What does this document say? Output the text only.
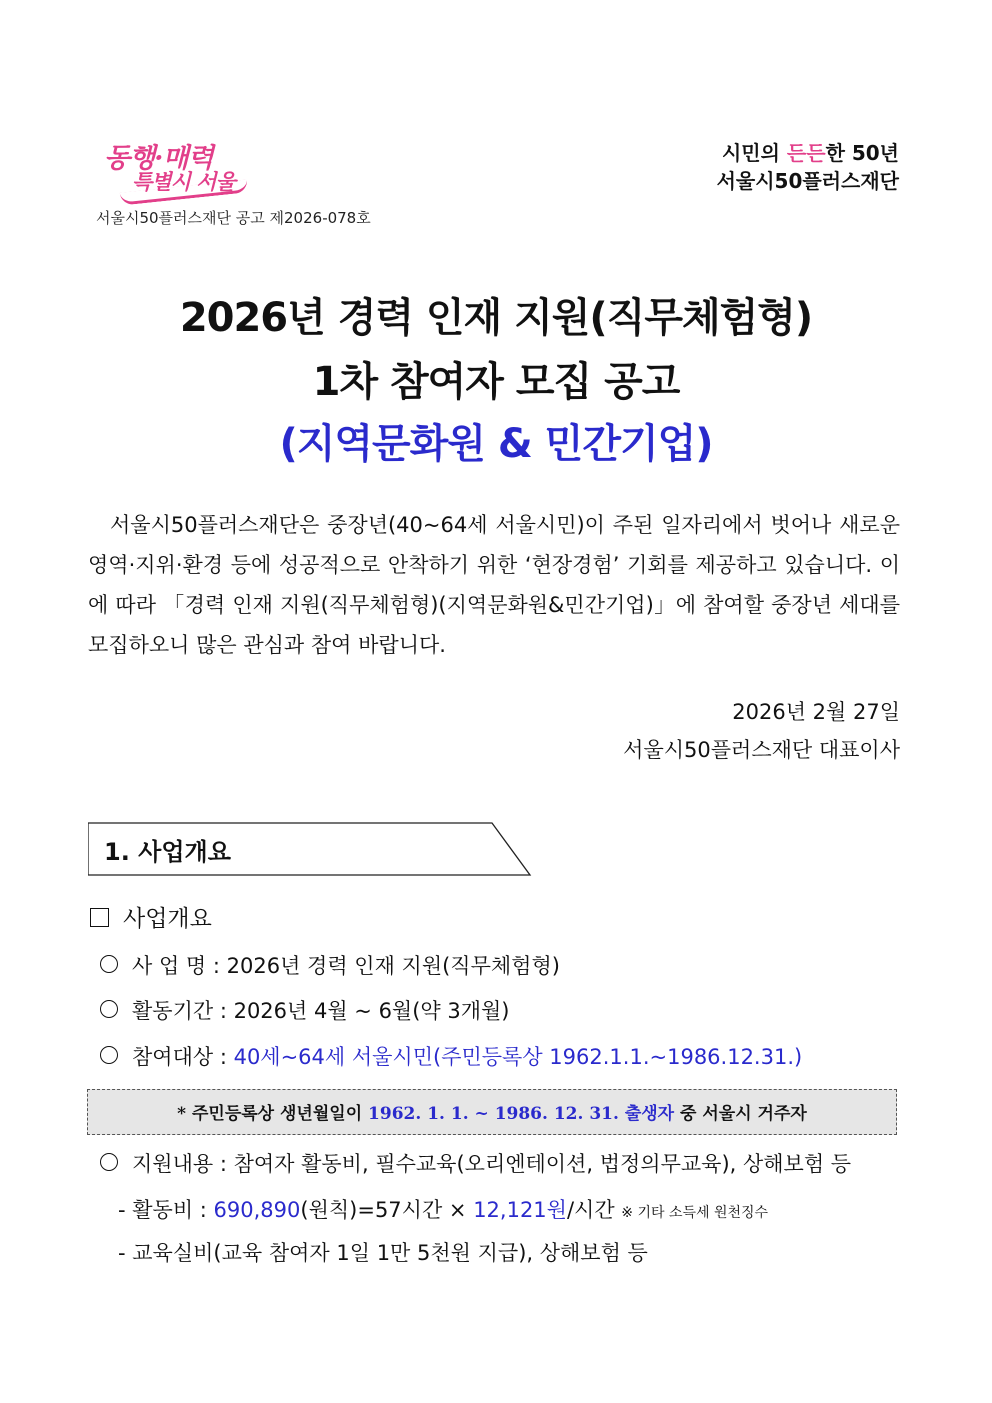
동행·매력
특별시 서울
서울시50플러스재단 공고 제2026-078호
시민의 든든한 50년
서울시50플러스재단
2026년 경력 인재 지원(직무체험형)
1차 참여자 모집 공고
(지역문화원 & 민간기업)
서울시50플러스재단은 중장년(40~64세 서울시민)이 주된 일자리에서 벗어나 새로운 영역·지위·환경 등에 성공적으로 안착하기 위한 ‘현장경험’ 기회를 제공하고 있습니다. 이에 따라 「경력 인재 지원(직무체험형)(지역문화원&민간기업)」에 참여할 중장년 세대를 모집하오니 많은 관심과 참여 바랍니다.
2026년 2월 27일
서울시50플러스재단 대표이사
1. 사업개요
사업개요
사 업 명 : 2026년 경력 인재 지원(직무체험형)
활동기간 : 2026년 4월 ~ 6월(약 3개월)
참여대상 : 40세~64세 서울시민(주민등록상 1962.1.1.~1986.12.31.)
* 주민등록상 생년월일이 1962. 1. 1. ~ 1986. 12. 31. 출생자 중 서울시 거주자
지원내용 : 참여자 활동비, 필수교육(오리엔테이션, 법정의무교육), 상해보험 등
- 활동비 : 690,890(원칙)=57시간 × 12,121원/시간 ※ 기타 소득세 원천징수
- 교육실비(교육 참여자 1일 1만 5천원 지급), 상해보험 등
